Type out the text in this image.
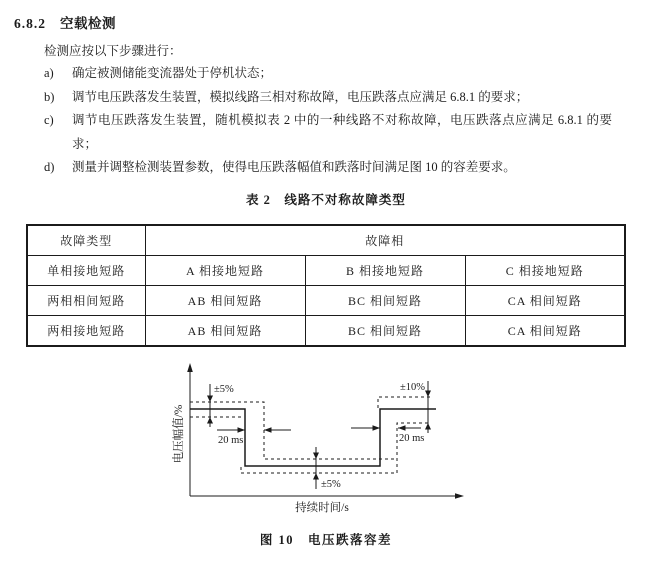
6.8.2 空载检测
检测应按以下步骤进行：
a)	确定被测储能变流器处于停机状态；
b)	调节电压跌落发生装置，模拟线路三相对称故障，电压跌落点应满足 6.8.1 的要求；
c)	调节电压跌落发生装置，随机模拟表 2 中的一种线路不对称故障，电压跌落点应满足 6.8.1 的要求；
d)	测量并调整检测装置参数，使得电压跌落幅值和跌落时间满足图 10 的容差要求。
表 2　线路不对称故障类型
故障类型	故障相		
单相接地短路	A 相接地短路	B 相接地短路	C 相接地短路
两相相间短路	AB 相间短路	BC 相间短路	CA 相间短路
两相接地短路	AB 相间短路	BC 相间短路	CA 相间短路
±5%	±10%
±5%
20 ms	20 ms
电压幅值/%
持续时间/s
图 10　电压跌落容差
